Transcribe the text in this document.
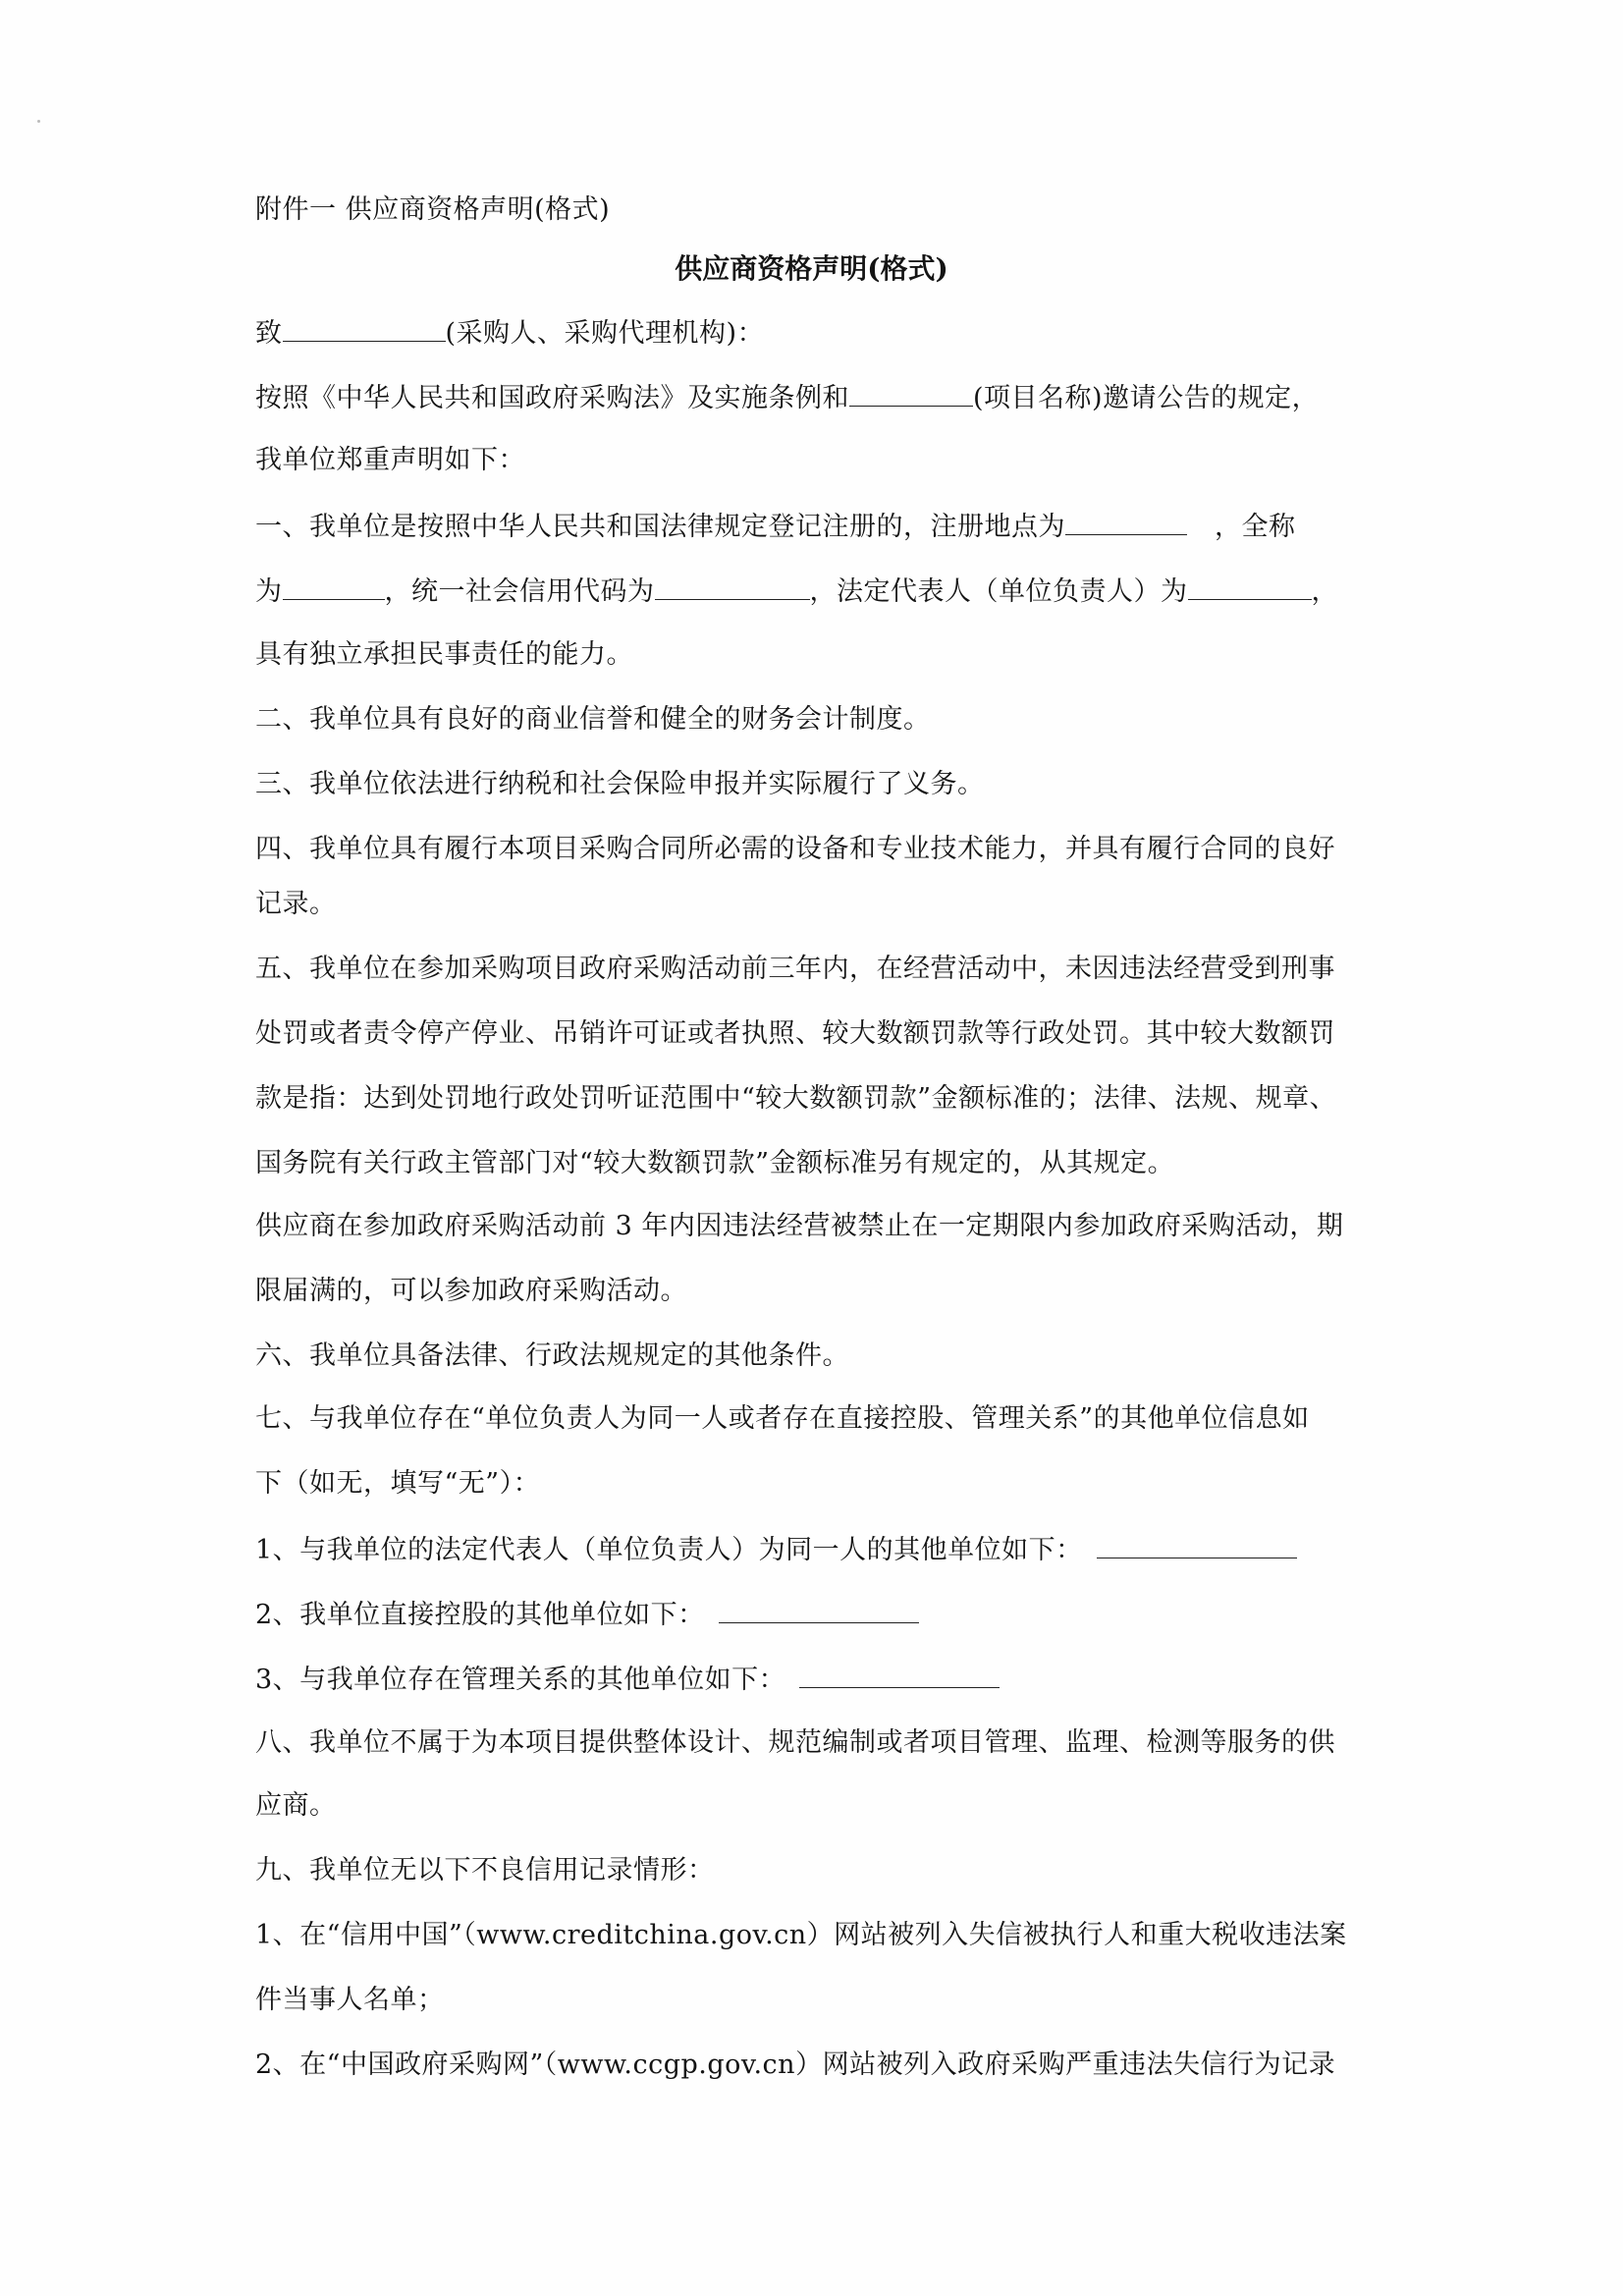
附件一 供应商资格声明(格式)
供应商资格声明(格式)
致	(采购人、采购代理机构)：
按照《中华人民共和国政府采购法》及实施条例和	(项目名称)邀请公告的规定，
我单位郑重声明如下：
一、我单位是按照中华人民共和国法律规定登记注册的，注册地点为	，全称
为	，统一社会信用代码为	，法定代表人（单位负责人）为	，
具有独立承担民事责任的能力。
二、我单位具有良好的商业信誉和健全的财务会计制度。
三、我单位依法进行纳税和社会保险申报并实际履行了义务。
四、我单位具有履行本项目采购合同所必需的设备和专业技术能力，并具有履行合同的良好
记录。
五、我单位在参加采购项目政府采购活动前三年内，在经营活动中，未因违法经营受到刑事
处罚或者责令停产停业、吊销许可证或者执照、较大数额罚款等行政处罚。其中较大数额罚
款是指：达到处罚地行政处罚听证范围中“较大数额罚款”金额标准的；法律、法规、规章、
国务院有关行政主管部门对“较大数额罚款”金额标准另有规定的，从其规定。
供应商在参加政府采购活动前 3 年内因违法经营被禁止在一定期限内参加政府采购活动，期
限届满的，可以参加政府采购活动。
六、我单位具备法律、行政法规规定的其他条件。
七、与我单位存在“单位负责人为同一人或者存在直接控股、管理关系”的其他单位信息如
下（如无，填写“无”）：
1、与我单位的法定代表人（单位负责人）为同一人的其他单位如下：
2、我单位直接控股的其他单位如下：
3、与我单位存在管理关系的其他单位如下：
八、我单位不属于为本项目提供整体设计、规范编制或者项目管理、监理、检测等服务的供
应商。
九、我单位无以下不良信用记录情形：
1、在“信用中国”（www.creditchina.gov.cn）网站被列入失信被执行人和重大税收违法案
件当事人名单；
2、在“中国政府采购网”（www.ccgp.gov.cn）网站被列入政府采购严重违法失信行为记录
